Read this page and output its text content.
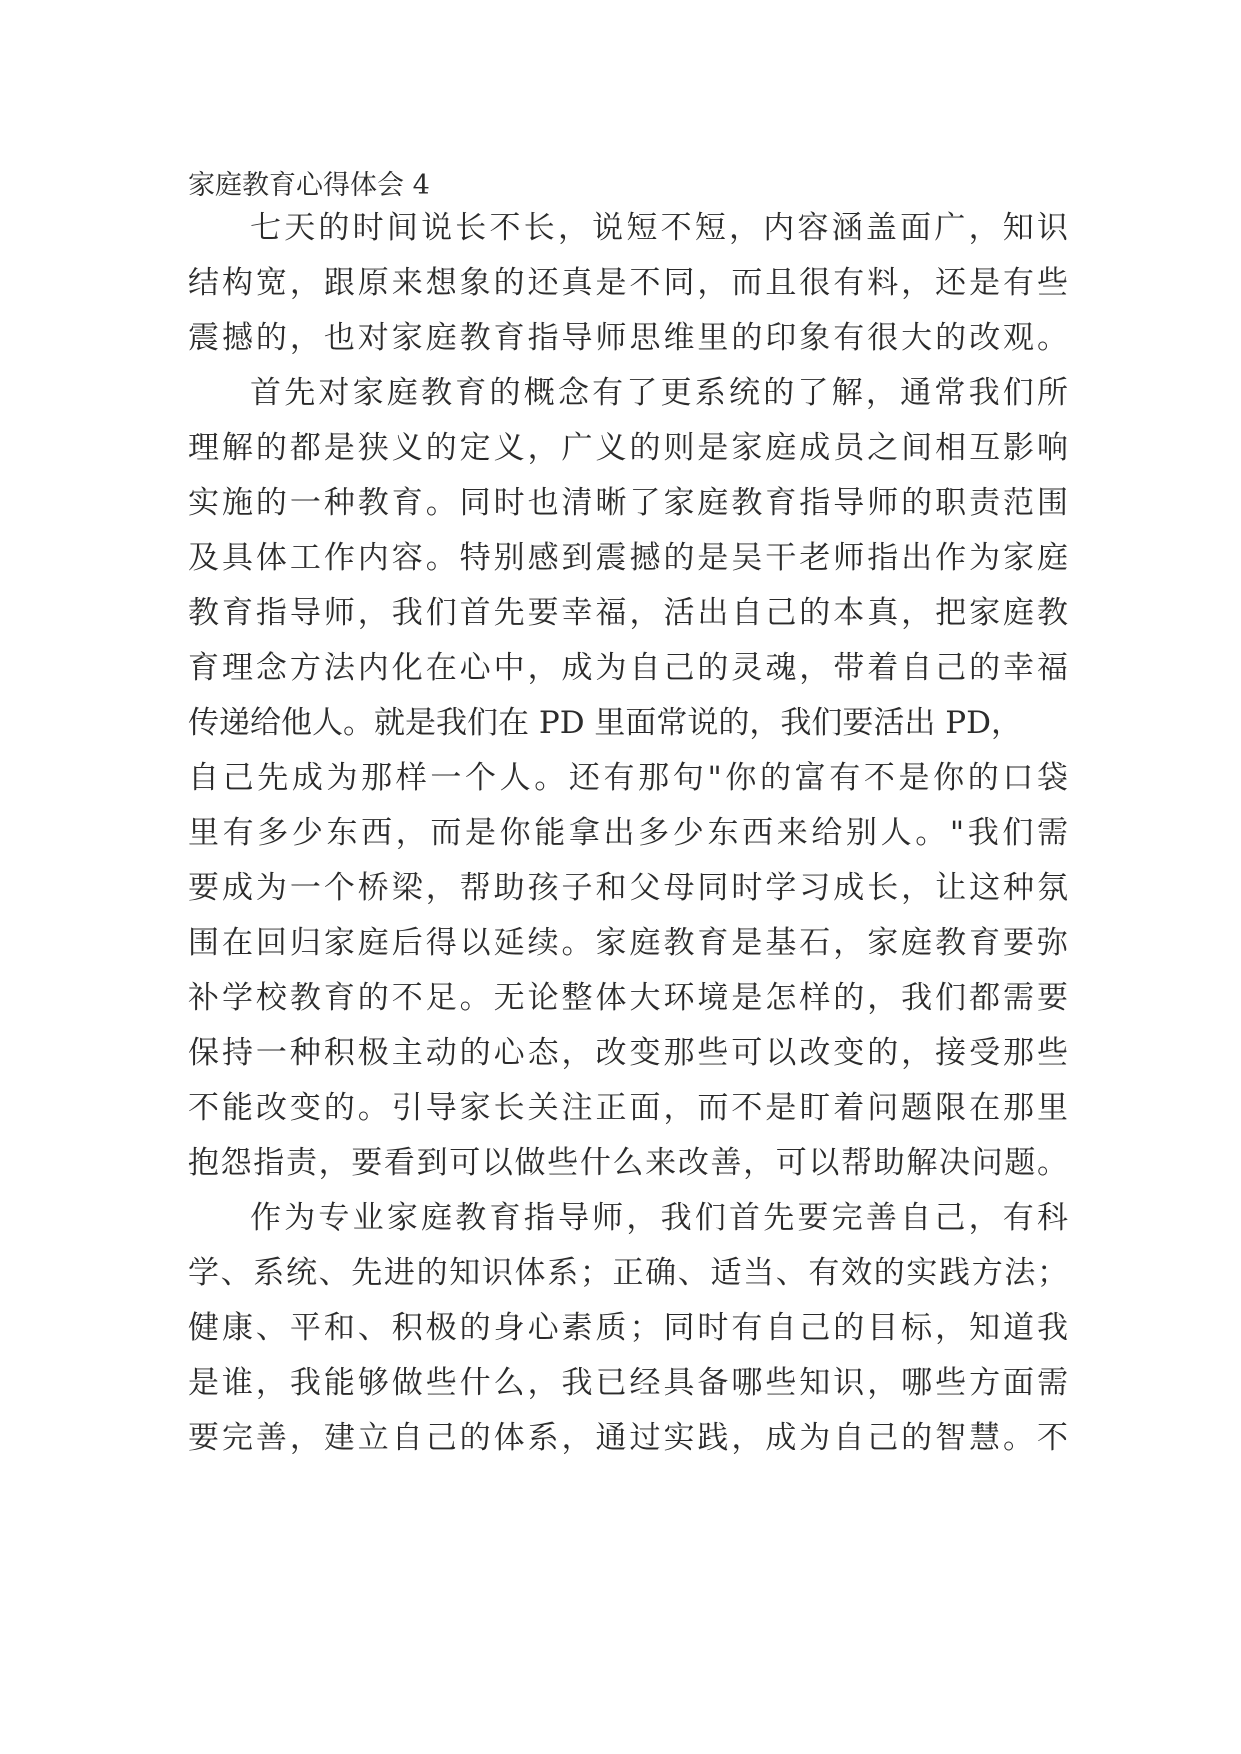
家庭教育心得体会 4

七天的时间说长不长，说短不短，内容涵盖面广，知识

结构宽，跟原来想象的还真是不同，而且很有料，还是有些

震撼的，也对家庭教育指导师思维里的印象有很大的改观。

首先对家庭教育的概念有了更系统的了解，通常我们所

理解的都是狭义的定义，广义的则是家庭成员之间相互影响

实施的一种教育。同时也清晰了家庭教育指导师的职责范围

及具体工作内容。特别感到震撼的是吴干老师指出作为家庭

教育指导师，我们首先要幸福，活出自己的本真，把家庭教

育理念方法内化在心中，成为自己的灵魂，带着自己的幸福

传递给他人。就是我们在 PD 里面常说的，我们要活出 PD，

自己先成为那样一个人。还有那句"你的富有不是你的口袋

里有多少东西，而是你能拿出多少东西来给别人。"我们需

要成为一个桥梁，帮助孩子和父母同时学习成长，让这种氛

围在回归家庭后得以延续。家庭教育是基石，家庭教育要弥

补学校教育的不足。无论整体大环境是怎样的，我们都需要

保持一种积极主动的心态，改变那些可以改变的，接受那些

不能改变的。引导家长关注正面，而不是盯着问题限在那里

抱怨指责，要看到可以做些什么来改善，可以帮助解决问题。

作为专业家庭教育指导师，我们首先要完善自己，有科

学、系统、先进的知识体系；正确、适当、有效的实践方法；

健康、平和、积极的身心素质；同时有自己的目标，知道我

是谁，我能够做些什么，我已经具备哪些知识，哪些方面需

要完善，建立自己的体系，通过实践，成为自己的智慧。不
